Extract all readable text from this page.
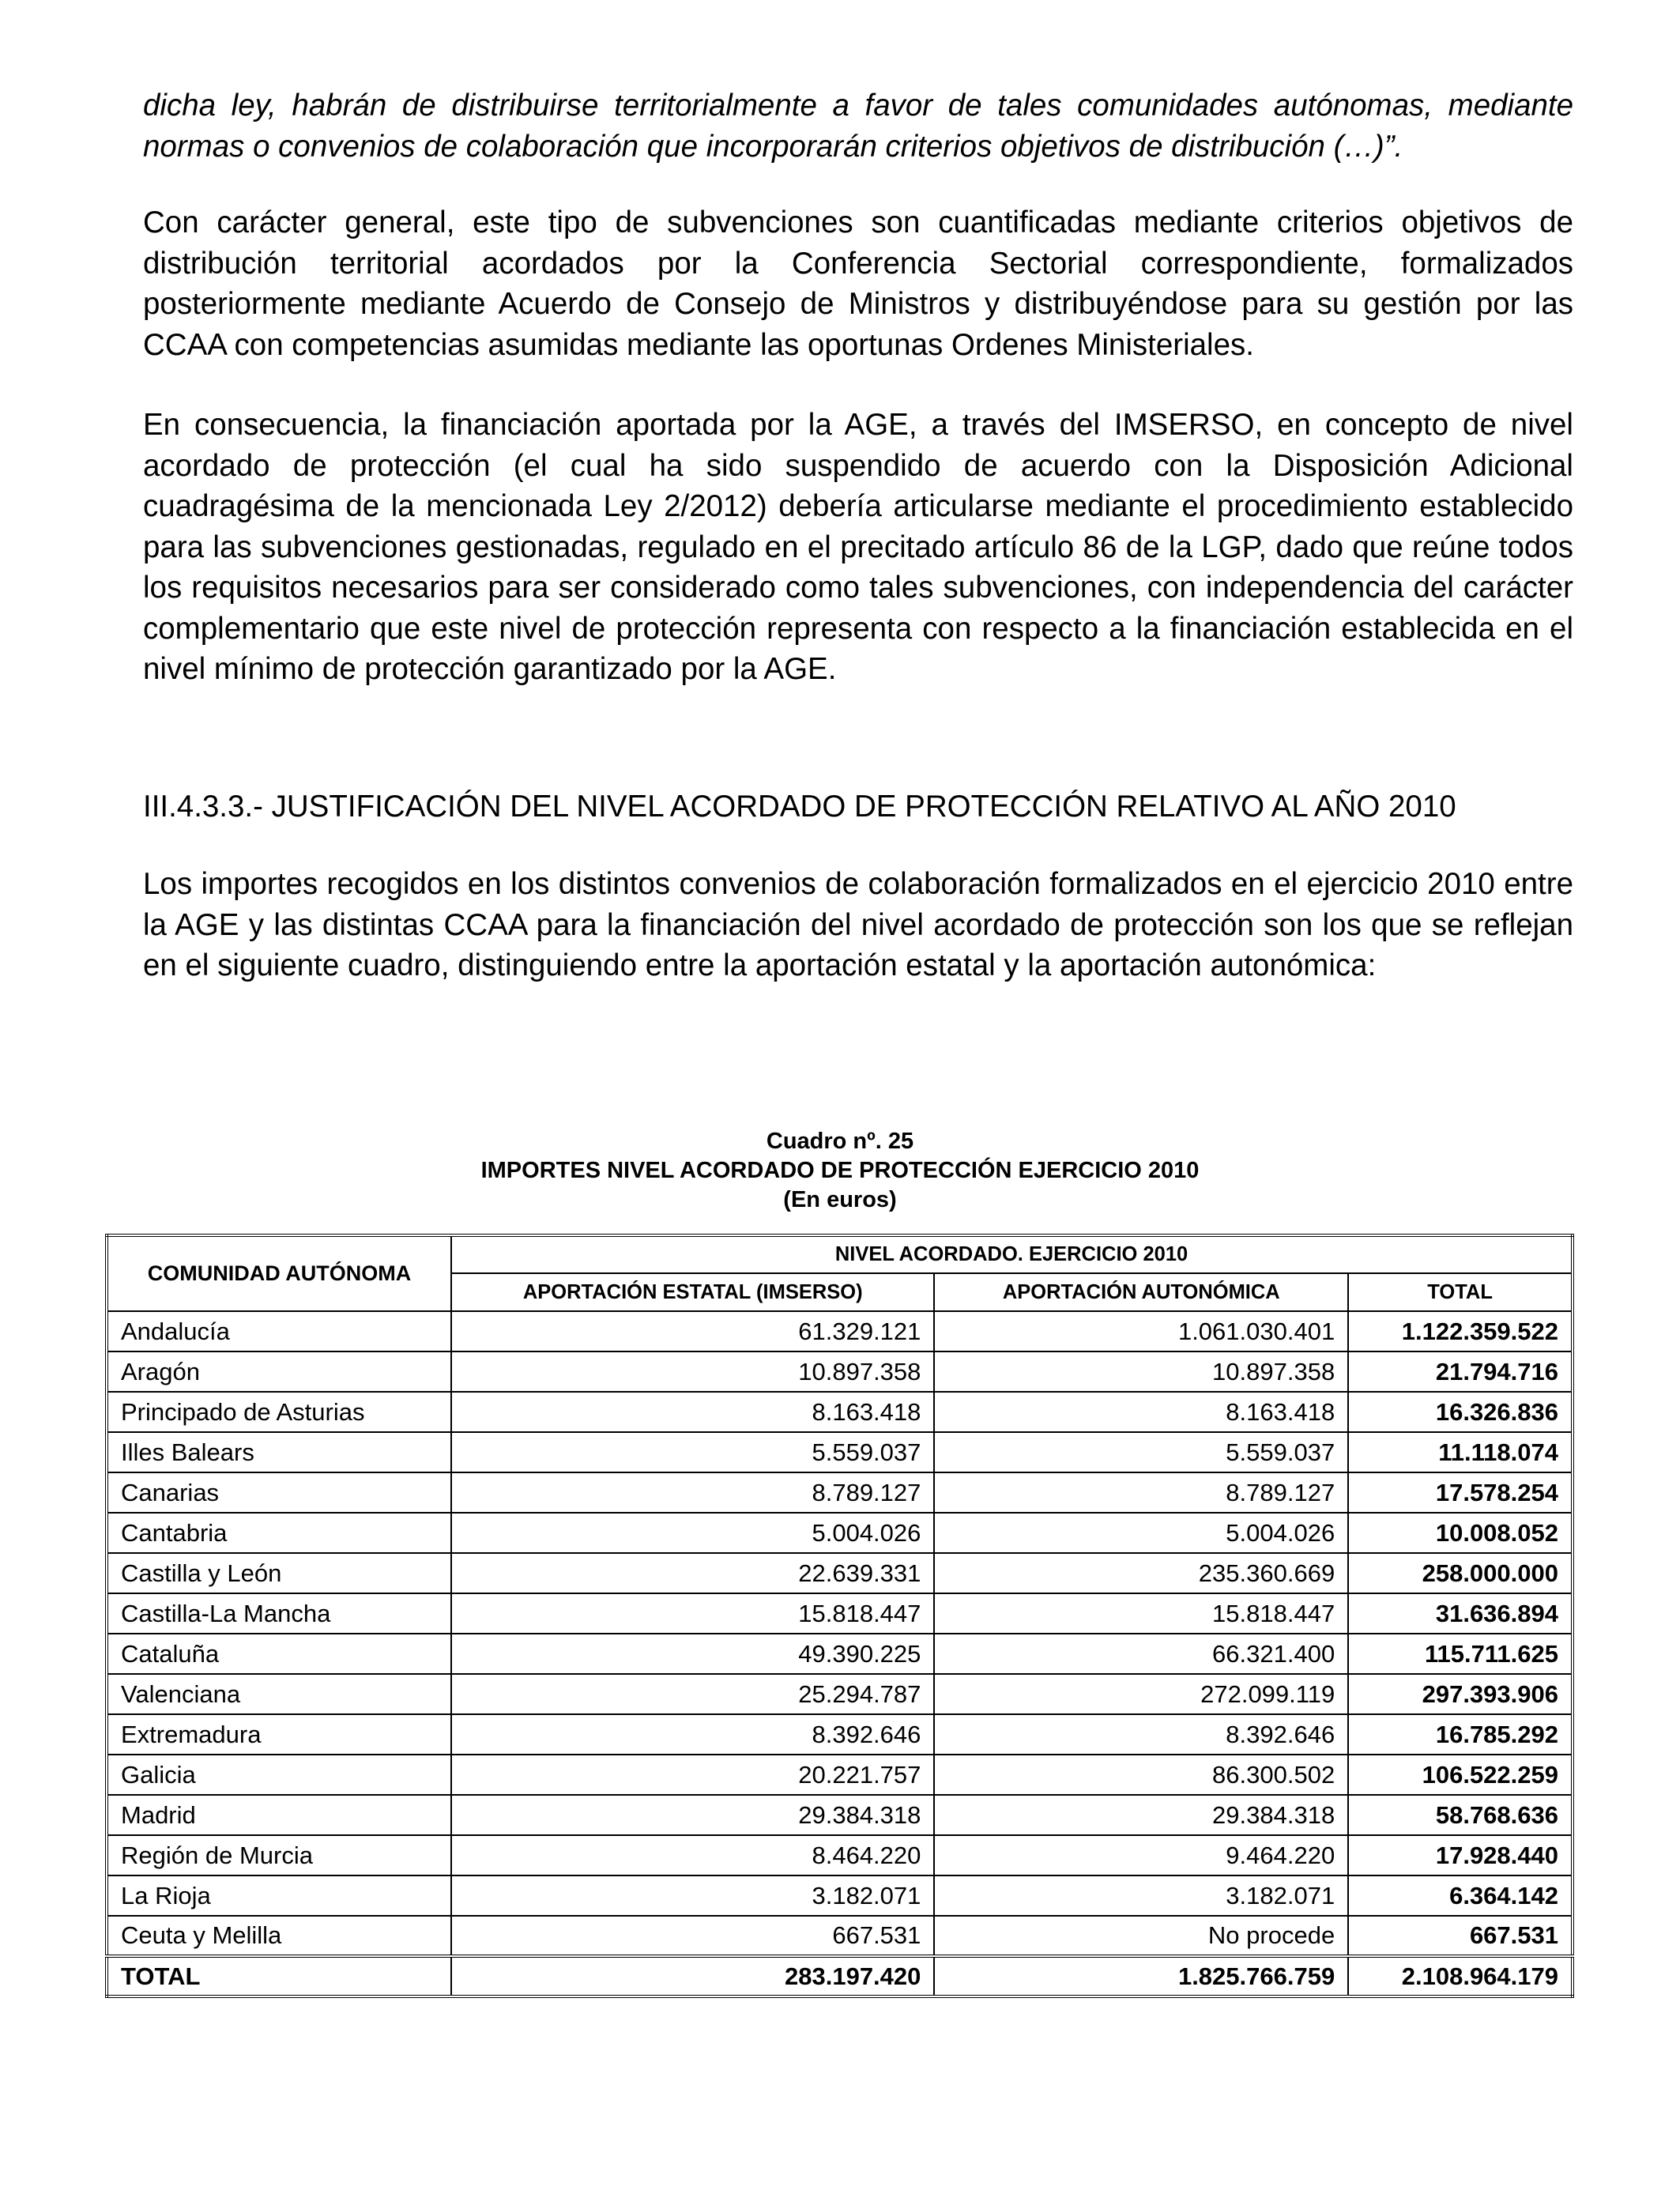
dicha ley, habrán de distribuirse territorialmente a favor de tales comunidades autónomas, mediante normas o convenios de colaboración que incorporarán criterios objetivos de distribución (…)”.

Con carácter general, este tipo de subvenciones son cuantificadas mediante criterios objetivos de distribución territorial acordados por la Conferencia Sectorial correspondiente, formalizados posteriormente mediante Acuerdo de Consejo de Ministros y distribuyéndose para su gestión por las CCAA con competencias asumidas mediante las oportunas Ordenes Ministeriales.

En consecuencia, la financiación aportada por la AGE, a través del IMSERSO, en concepto de nivel acordado de protección (el cual ha sido suspendido de acuerdo con la Disposición Adicional cuadragésima de la mencionada Ley 2/2012) debería articularse mediante el procedimiento establecido para las subvenciones gestionadas, regulado en el precitado artículo 86 de la LGP, dado que reúne todos los requisitos necesarios para ser considerado como tales subvenciones, con independencia del carácter complementario que este nivel de protección representa con respecto a la financiación establecida en el nivel mínimo de protección garantizado por la AGE.

III.4.3.3.- JUSTIFICACIÓN DEL NIVEL ACORDADO DE PROTECCIÓN RELATIVO AL AÑO 2010

Los importes recogidos en los distintos convenios de colaboración formalizados en el ejercicio 2010 entre la AGE y las distintas CCAA para la financiación del nivel acordado de protección son los que se reflejan en el siguiente cuadro, distinguiendo entre la aportación estatal y la aportación autonómica:

Cuadro nº. 25
IMPORTES NIVEL ACORDADO DE PROTECCIÓN EJERCICIO 2010
(En euros)
COMUNIDAD AUTÓNOMA	NIVEL ACORDADO. EJERCICIO 2010		
	APORTACIÓN ESTATAL (IMSERSO)	APORTACIÓN AUTONÓMICA	TOTAL
Andalucía	61.329.121	1.061.030.401	1.122.359.522
Aragón	10.897.358	10.897.358	21.794.716
Principado de Asturias	8.163.418	8.163.418	16.326.836
Illes Balears	5.559.037	5.559.037	11.118.074
Canarias	8.789.127	8.789.127	17.578.254
Cantabria	5.004.026	5.004.026	10.008.052
Castilla y León	22.639.331	235.360.669	258.000.000
Castilla-La Mancha	15.818.447	15.818.447	31.636.894
Cataluña	49.390.225	66.321.400	115.711.625
Valenciana	25.294.787	272.099.119	297.393.906
Extremadura	8.392.646	8.392.646	16.785.292
Galicia	20.221.757	86.300.502	106.522.259
Madrid	29.384.318	29.384.318	58.768.636
Región de Murcia	8.464.220	9.464.220	17.928.440
La Rioja	3.182.071	3.182.071	6.364.142
Ceuta y Melilla	667.531	No procede	667.531
TOTAL	283.197.420	1.825.766.759	2.108.964.179
